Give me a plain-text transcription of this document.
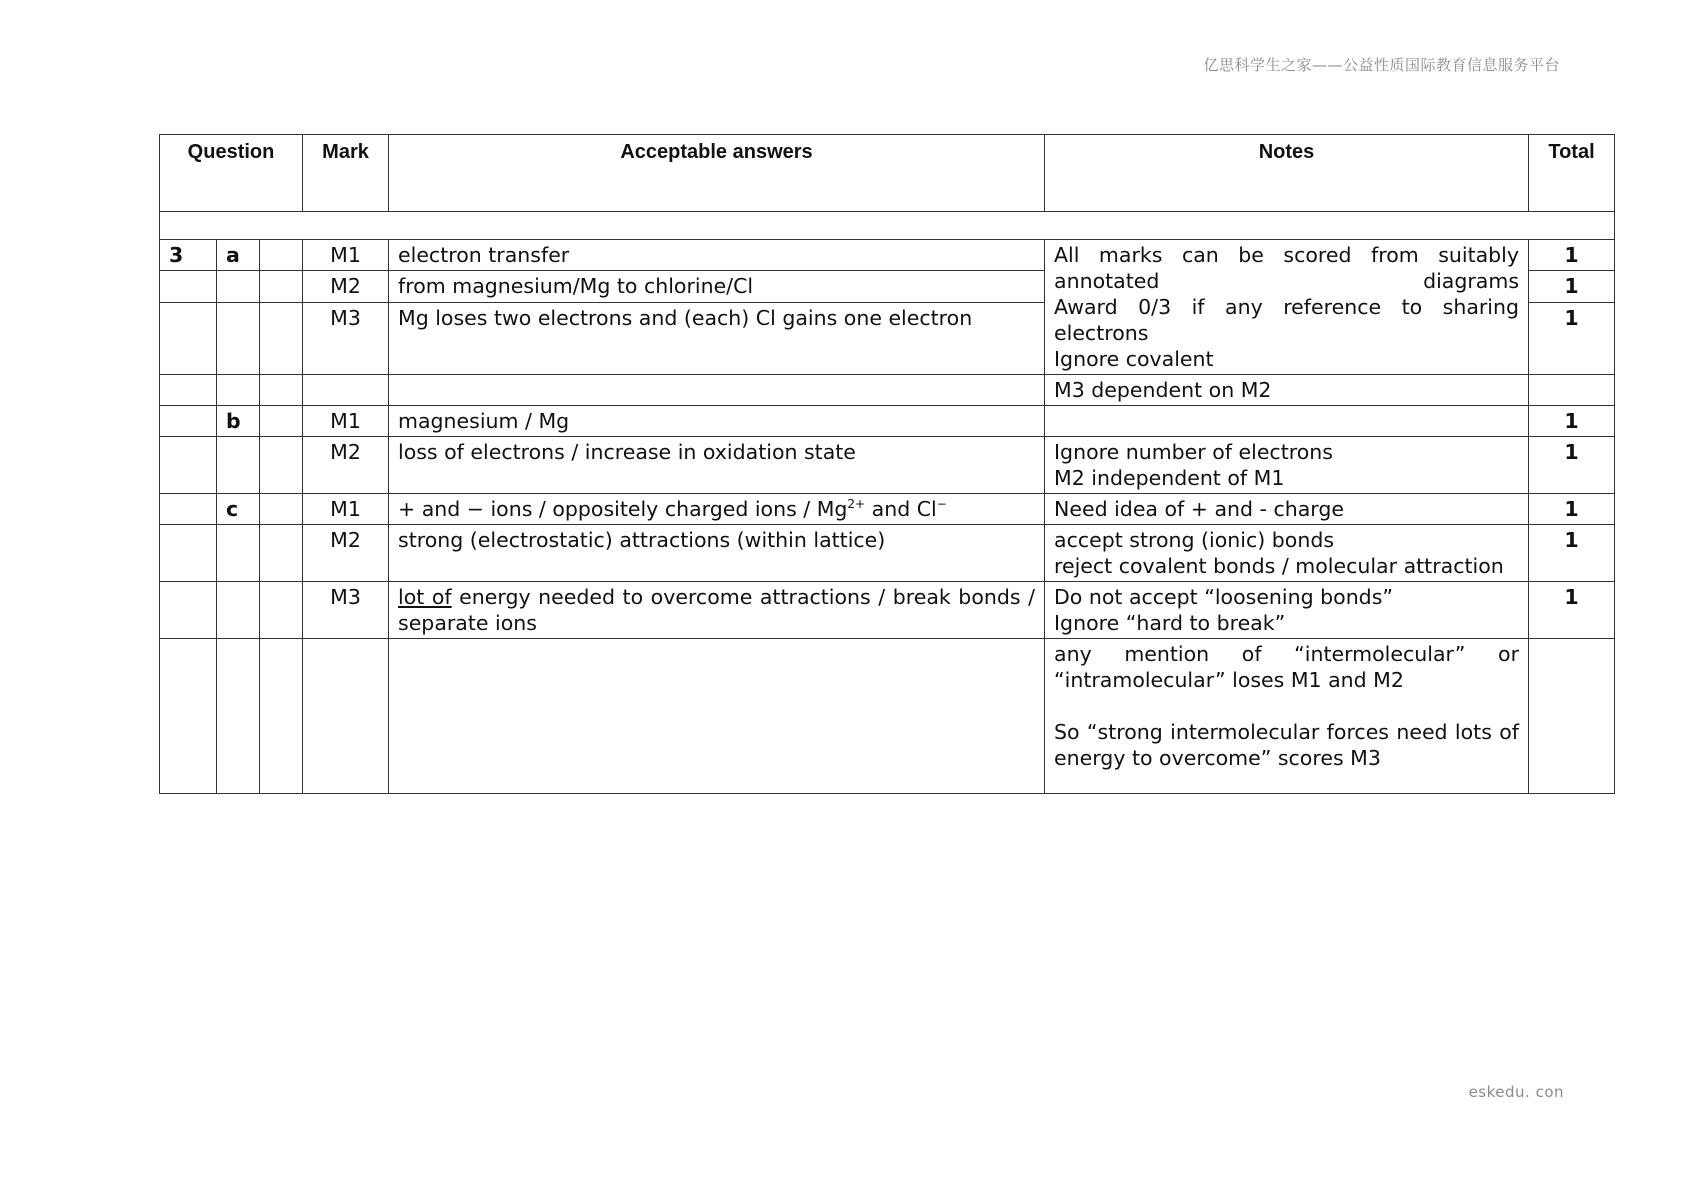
亿思科学生之家——公益性质国际教育信息服务平台
Question			Mark	Acceptable answers	Notes	Total

3	a		M1	electron transfer	All marks can be scored from suitably annotated diagrams
Award 0/3 if any reference to sharing electrons
Ignore covalent	1
			M2	from magnesium/Mg to chlorine/Cl		1
			M3	Mg loses two electrons and (each) Cl gains one electron		1
					M3 dependent on M2	
	b		M1	magnesium / Mg		1
			M2	loss of electrons / increase in oxidation state	Ignore number of electrons
M2 independent of M1	1
	c		M1	+ and − ions / oppositely charged ions / $Mg^{2+}$ and Cl−	Need idea of + and - charge	1
			M2	strong (electrostatic) attractions (within lattice)	accept strong (ionic) bonds
reject covalent bonds / molecular attraction	1
			M3	lot of energy needed to overcome attractions / break bonds / separate ions	Do not accept “loosening bonds”
Ignore “hard to break”	1

					any mention of “intermolecular” or “intramolecular” loses M1 and M2
So “strong intermolecular forces need lots of energy to overcome” scores M3	

eskedu. con
